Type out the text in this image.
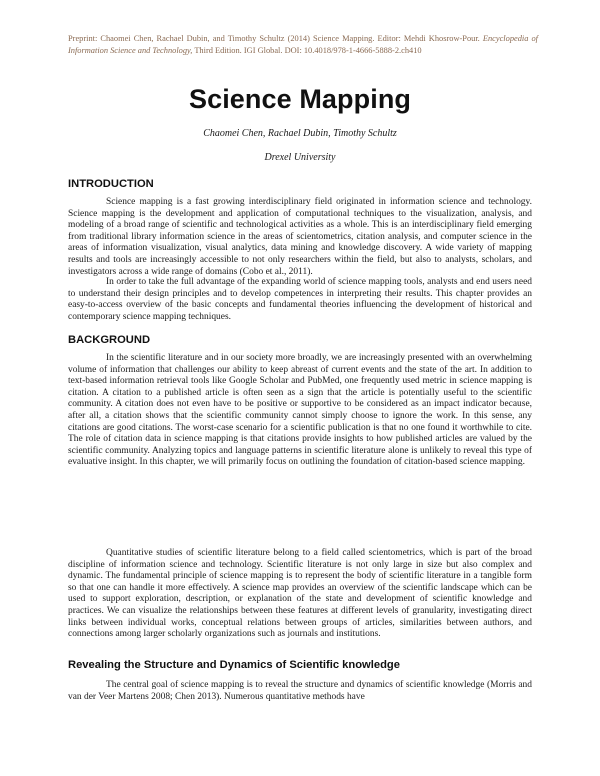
Preprint: Chaomei Chen, Rachael Dubin, and Timothy Schultz (2014) Science Mapping. Editor: Mehdi Khosrow-Pour. Encyclopedia of Information Science and Technology, Third Edition. IGI Global. DOI: 10.4018/978-1-4666-5888-2.ch410
Science Mapping
Chaomei Chen, Rachael Dubin, Timothy Schultz
Drexel University
INTRODUCTION
Science mapping is a fast growing interdisciplinary field originated in information science and technology. Science mapping is the development and application of computational techniques to the visualization, analysis, and modeling of a broad range of scientific and technological activities as a whole. This is an interdisciplinary field emerging from traditional library information science in the areas of scientometrics, citation analysis, and computer science in the areas of information visualization, visual analytics, data mining and knowledge discovery. A wide variety of mapping results and tools are increasingly accessible to not only researchers within the field, but also to analysts, scholars, and investigators across a wide range of domains (Cobo et al., 2011).
In order to take the full advantage of the expanding world of science mapping tools, analysts and end users need to understand their design principles and to develop competences in interpreting their results. This chapter provides an easy-to-access overview of the basic concepts and fundamental theories influencing the development of historical and contemporary science mapping techniques.
BACKGROUND
In the scientific literature and in our society more broadly, we are increasingly presented with an overwhelming volume of information that challenges our ability to keep abreast of current events and the state of the art. In addition to text-based information retrieval tools like Google Scholar and PubMed, one frequently used metric in science mapping is citation. A citation to a published article is often seen as a sign that the article is potentially useful to the scientific community. A citation does not even have to be positive or supportive to be considered as an impact indicator because, after all, a citation shows that the scientific community cannot simply choose to ignore the work. In this sense, any citations are good citations. The worst-case scenario for a scientific publication is that no one found it worthwhile to cite. The role of citation data in science mapping is that citations provide insights to how published articles are valued by the scientific community. Analyzing topics and language patterns in scientific literature alone is unlikely to reveal this type of evaluative insight. In this chapter, we will primarily focus on outlining the foundation of citation-based science mapping.
Quantitative studies of scientific literature belong to a field called scientometrics, which is part of the broad discipline of information science and technology. Scientific literature is not only large in size but also complex and dynamic. The fundamental principle of science mapping is to represent the body of scientific literature in a tangible form so that one can handle it more effectively. A science map provides an overview of the scientific landscape which can be used to support exploration, description, or explanation of the state and development of scientific knowledge and practices. We can visualize the relationships between these features at different levels of granularity, investigating direct links between individual works, conceptual relations between groups of articles, similarities between authors, and connections among larger scholarly organizations such as journals and institutions.
Revealing the Structure and Dynamics of Scientific knowledge
The central goal of science mapping is to reveal the structure and dynamics of scientific knowledge (Morris and van der Veer Martens 2008; Chen 2013). Numerous quantitative methods have
